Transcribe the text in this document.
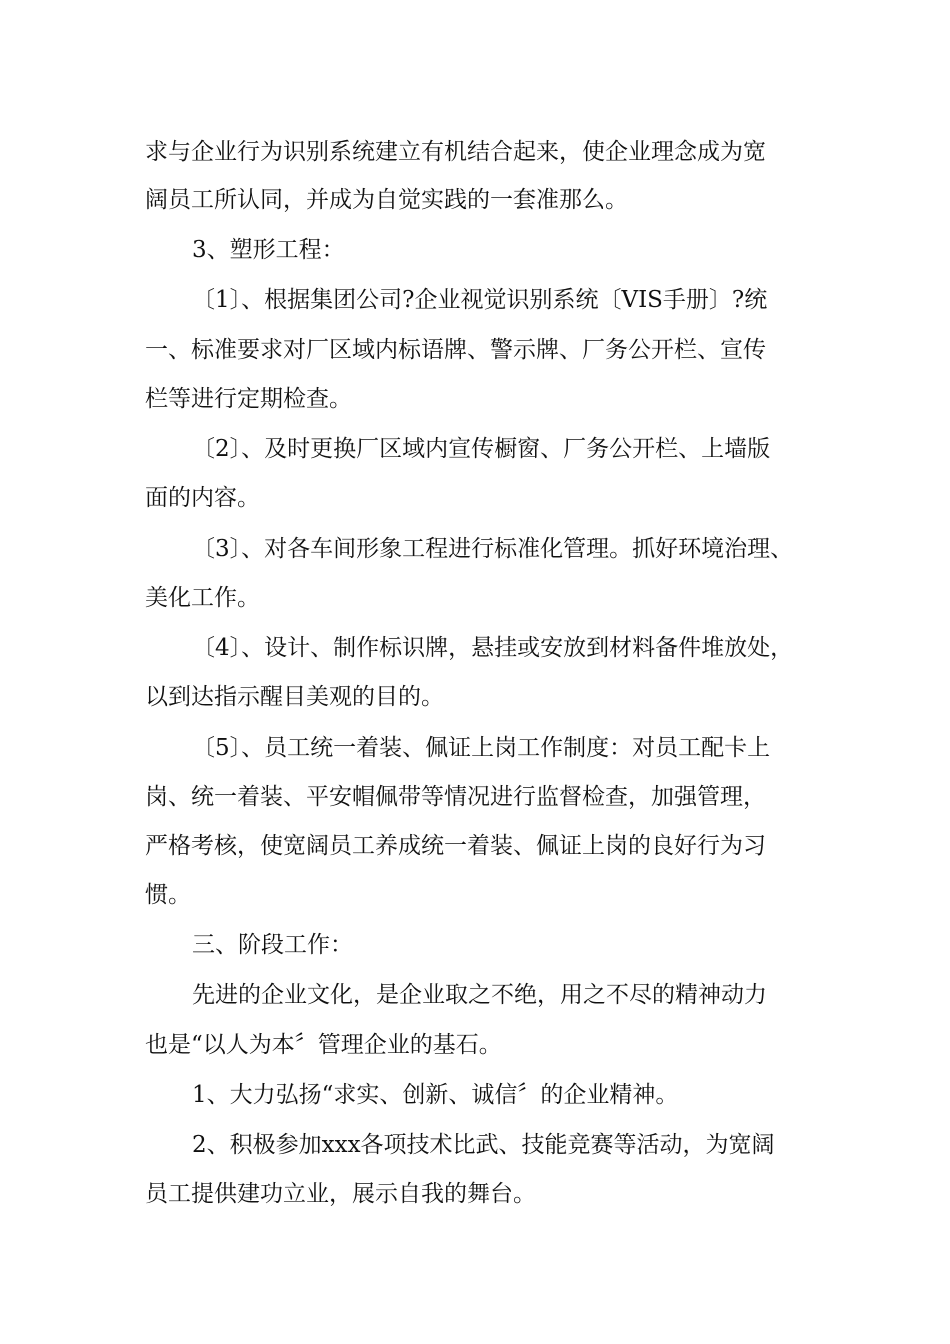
求与企业行为识别系统建立有机结合起来，使企业理念成为宽

阔员工所认同，并成为自觉实践的一套准那么。

3、塑形工程：

〔1〕、根据集团公司?企业视觉识别系统〔VIS手册〕?统

一、标准要求对厂区域内标语牌、警示牌、厂务公开栏、宣传

栏等进行定期检查。

〔2〕、及时更换厂区域内宣传橱窗、厂务公开栏、上墙版

面的内容。

〔3〕、对各车间形象工程进行标准化管理。抓好环境治理、

美化工作。

〔4〕、设计、制作标识牌，悬挂或安放到材料备件堆放处，

以到达指示醒目美观的目的。

〔5〕、员工统一着装、佩证上岗工作制度：对员工配卡上

岗、统一着装、平安帽佩带等情况进行监督检查，加强管理，

严格考核，使宽阔员工养成统一着装、佩证上岗的良好行为习

惯。

三、阶段工作：

先进的企业文化，是企业取之不绝，用之不尽的精神动力

也是“以人为本〞管理企业的基石。

1、大力弘扬“求实、创新、诚信〞的企业精神。

2、积极参加xxx各项技术比武、技能竞赛等活动，为宽阔

员工提供建功立业，展示自我的舞台。
